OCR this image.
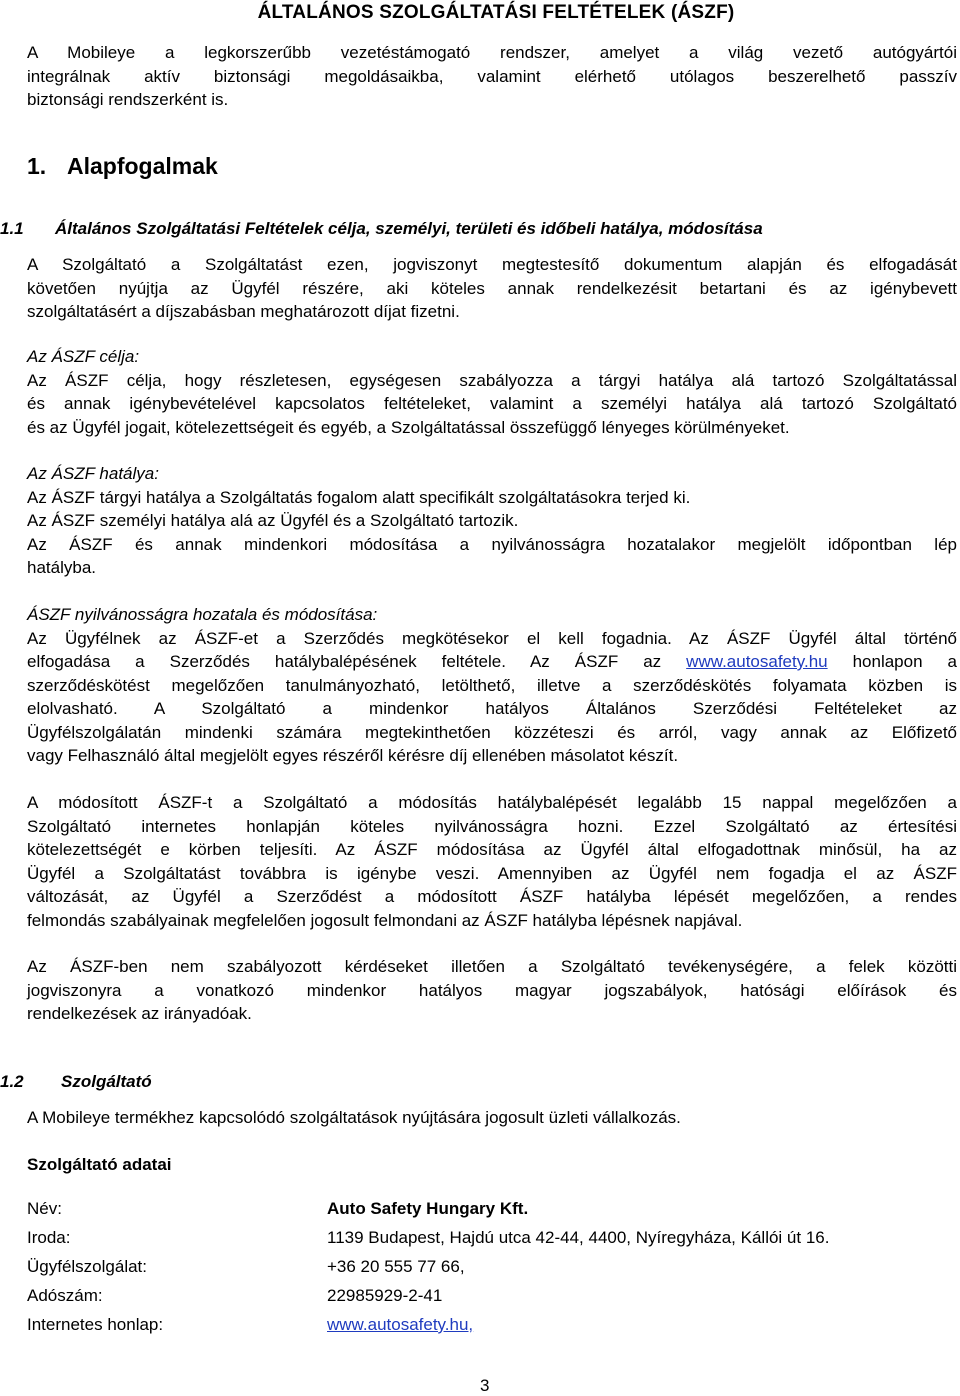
ÁLTALÁNOS SZOLGÁLTATÁSI FELTÉTELEK (ÁSZF)
A Mobileye a legkorszerűbb vezetéstámogató rendszer, amelyet a világ vezető autógyártói
integrálnak aktív biztonsági megoldásaikba, valamint elérhető utólagos beszerelhető passzív
biztonsági rendszerként is.
1. Alapfogalmak
1.1 Általános Szolgáltatási Feltételek célja, személyi, területi és időbeli hatálya, módosítása
A Szolgáltató a Szolgáltatást ezen, jogviszonyt megtestesítő dokumentum alapján és elfogadását
követően nyújtja az Ügyfél részére, aki köteles annak rendelkezésit betartani és az igénybevett
szolgáltatásért a díjszabásban meghatározott díjat fizetni.
Az ÁSZF célja:
Az ÁSZF célja, hogy részletesen, egységesen szabályozza a tárgyi hatálya alá tartozó Szolgáltatással
és annak igénybevételével kapcsolatos feltételeket, valamint a személyi hatálya alá tartozó Szolgáltató
és az Ügyfél jogait, kötelezettségeit és egyéb, a Szolgáltatással összefüggő lényeges körülményeket.
Az ÁSZF hatálya:
Az ÁSZF tárgyi hatálya a Szolgáltatás fogalom alatt specifikált szolgáltatásokra terjed ki.
Az ÁSZF személyi hatálya alá az Ügyfél és a Szolgáltató tartozik.
Az ÁSZF és annak mindenkori módosítása a nyilvánosságra hozatalakor megjelölt időpontban lép
hatályba.
ÁSZF nyilvánosságra hozatala és módosítása:
Az Ügyfélnek az ÁSZF-et a Szerződés megkötésekor el kell fogadnia. Az ÁSZF Ügyfél által történő
elfogadása a Szerződés hatálybalépésének feltétele. Az ÁSZF az www.autosafety.hu honlapon a
szerződéskötést megelőzően tanulmányozható, letölthető, illetve a szerződéskötés folyamata közben is
elolvasható. A Szolgáltató a mindenkor hatályos Általános Szerződési Feltételeket az
Ügyfélszolgálatán mindenki számára megtekinthetően közzéteszi és arról, vagy annak az Előfizető
vagy Felhasználó által megjelölt egyes részéről kérésre díj ellenében másolatot készít.
A módosított ÁSZF-t a Szolgáltató a módosítás hatálybalépését legalább 15 nappal megelőzően a
Szolgáltató internetes honlapján köteles nyilvánosságra hozni. Ezzel Szolgáltató az értesítési
kötelezettségét e körben teljesíti. Az ÁSZF módosítása az Ügyfél által elfogadottnak minősül, ha az
Ügyfél a Szolgáltatást továbbra is igénybe veszi. Amennyiben az Ügyfél nem fogadja el az ÁSZF
változását, az Ügyfél a Szerződést a módosított ÁSZF hatályba lépését megelőzően, a rendes
felmondás szabályainak megfelelően jogosult felmondani az ÁSZF hatályba lépésnek napjával.
Az ÁSZF-ben nem szabályozott kérdéseket illetően a Szolgáltató tevékenységére, a felek közötti
jogviszonyra a vonatkozó mindenkor hatályos magyar jogszabályok, hatósági előírások és
rendelkezések az irányadóak.
1.2 Szolgáltató
A Mobileye termékhez kapcsolódó szolgáltatások nyújtására jogosult üzleti vállalkozás.
Szolgáltató adatai
Név:	Auto Safety Hungary Kft.
Iroda:	1139 Budapest, Hajdú utca 42-44, 4400, Nyíregyháza, Kállói út 16.
Ügyfélszolgálat:	+36 20 555 77 66,
Adószám:	22985929-2-41
Internetes honlap:	www.autosafety.hu,
3
